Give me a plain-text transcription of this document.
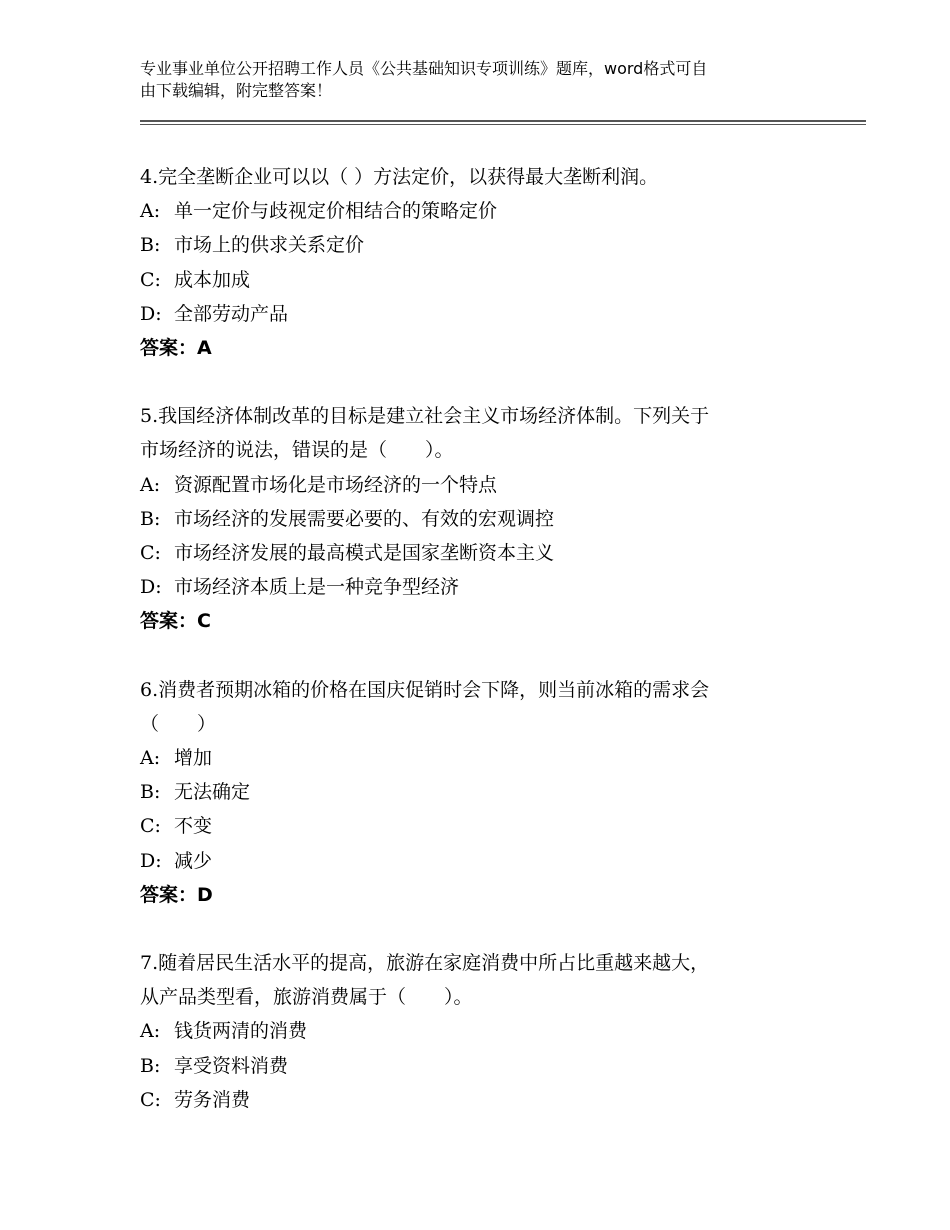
专业事业单位公开招聘工作人员《公共基础知识专项训练》题库，word格式可自
由下载编辑，附完整答案！
4.完全垄断企业可以以（ ）方法定价，以获得最大垄断利润。
A: 单一定价与歧视定价相结合的策略定价
B: 市场上的供求关系定价
C: 成本加成
D: 全部劳动产品
答案：A
5.我国经济体制改革的目标是建立社会主义市场经济体制。下列关于
市场经济的说法，错误的是（　　）。
A: 资源配置市场化是市场经济的一个特点
B: 市场经济的发展需要必要的、有效的宏观调控
C: 市场经济发展的最高模式是国家垄断资本主义
D: 市场经济本质上是一种竞争型经济
答案：C
6.消费者预期冰箱的价格在国庆促销时会下降，则当前冰箱的需求会
（　　）
A: 增加
B: 无法确定
C: 不变
D: 减少
答案：D
7.随着居民生活水平的提高，旅游在家庭消费中所占比重越来越大，
从产品类型看，旅游消费属于（　　）。
A: 钱货两清的消费
B: 享受资料消费
C: 劳务消费
